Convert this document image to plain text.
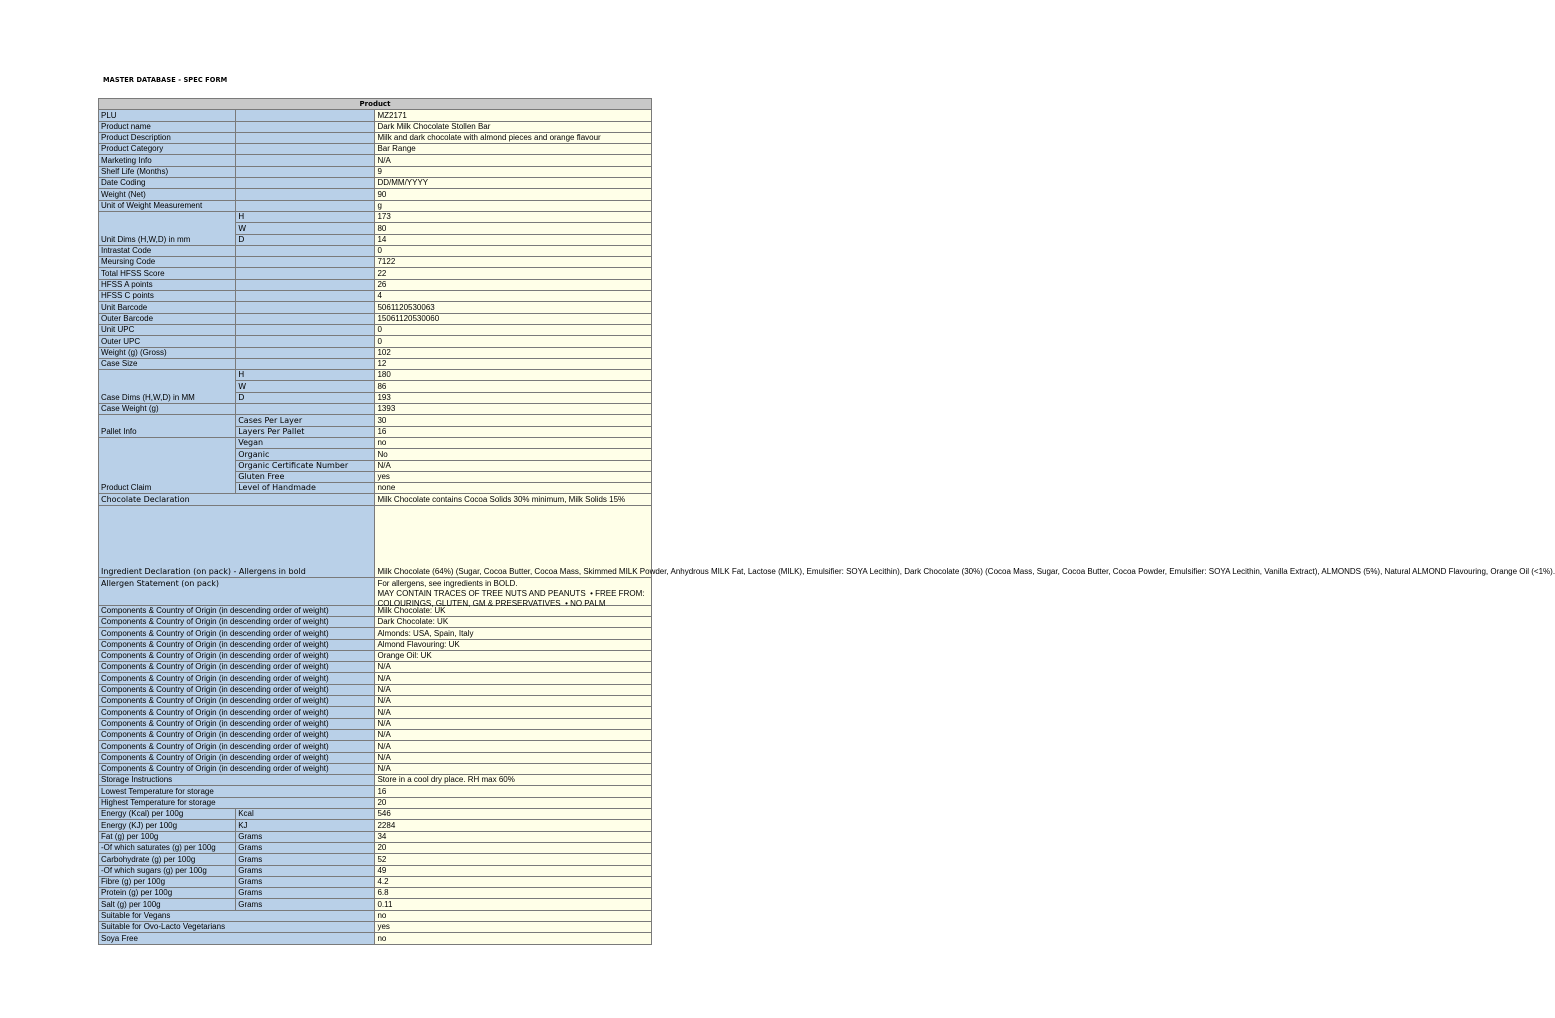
MASTER DATABASE - SPEC FORM
Product		
PLU		MZ2171
Product name		Dark Milk Chocolate Stollen Bar
Product Description		Milk and dark chocolate with almond pieces and orange flavour
Product Category		Bar Range
Marketing Info		N/A
Shelf Life (Months)		9
Date Coding		DD/MM/YYYY
Weight (Net)		90
Unit of Weight Measurement		g
Unit Dims (H,W,D) in mm	H	173
	W	80
	D	14
Intrastat Code		0
Meursing Code		7122
Total HFSS Score		22
HFSS A points		26
HFSS C points		4
Unit Barcode		5061120530063
Outer Barcode		15061120530060
Unit UPC		0
Outer UPC		0
Weight (g) (Gross)		102
Case Size		12
Case Dims (H,W,D) in MM	H	180
	W	86
	D	193
Case Weight (g)		1393
Pallet Info	Cases Per Layer	30
	Layers Per Pallet	16
Product Claim	Vegan	no
	Organic	No
	Organic Certificate Number	N/A
	Gluten Free	yes
	Level of Handmade	none
Chocolate Declaration		Milk Chocolate contains Cocoa Solids 30% minimum, Milk Solids 15%
Ingredient Declaration (on pack) - Allergens in bold		Milk Chocolate (64%) (Sugar, Cocoa Butter, Cocoa Mass, Skimmed MILK Powder, Anhydrous MILK Fat, Lactose (MILK), Emulsifier: SOYA Lecithin), Dark Chocolate (30%) (Cocoa Mass, Sugar, Cocoa Butter, Cocoa Powder, Emulsifier: SOYA Lecithin, Vanilla Extract), ALMONDS (5%), Natural ALMOND Flavouring, Orange Oil (<1%).
Allergen Statement (on pack)		For allergens, see ingredients in BOLD.
MAY CONTAIN TRACES OF TREE NUTS AND PEANUTS  • FREE FROM: COLOURINGS, GLUTEN, GM & PRESERVATIVES  • NO PALM

Components & Country of Origin (in descending order of weight)		Milk Chocolate: UK
Components & Country of Origin (in descending order of weight)		Dark Chocolate: UK
Components & Country of Origin (in descending order of weight)		Almonds: USA, Spain, Italy
Components & Country of Origin (in descending order of weight)		Almond Flavouring: UK
Components & Country of Origin (in descending order of weight)		Orange Oil: UK
Components & Country of Origin (in descending order of weight)		N/A
Components & Country of Origin (in descending order of weight)		N/A
Components & Country of Origin (in descending order of weight)		N/A
Components & Country of Origin (in descending order of weight)		N/A
Components & Country of Origin (in descending order of weight)		N/A
Components & Country of Origin (in descending order of weight)		N/A
Components & Country of Origin (in descending order of weight)		N/A
Components & Country of Origin (in descending order of weight)		N/A
Components & Country of Origin (in descending order of weight)		N/A
Components & Country of Origin (in descending order of weight)		N/A
Storage Instructions		Store in a cool dry place. RH max 60%
Lowest Temperature for storage		16
Highest Temperature for storage		20
Energy (Kcal) per 100g	Kcal	546
Energy (KJ) per 100g	KJ	2284
Fat (g) per 100g	Grams	34
-Of which saturates (g) per 100g	Grams	20
Carbohydrate (g) per 100g	Grams	52
-Of which sugars (g) per 100g	Grams	49
Fibre (g) per 100g	Grams	4.2
Protein (g) per 100g	Grams	6.8
Salt (g) per 100g	Grams	0.11
Suitable for Vegans		no
Suitable for Ovo-Lacto Vegetarians		yes
Soya Free		no
